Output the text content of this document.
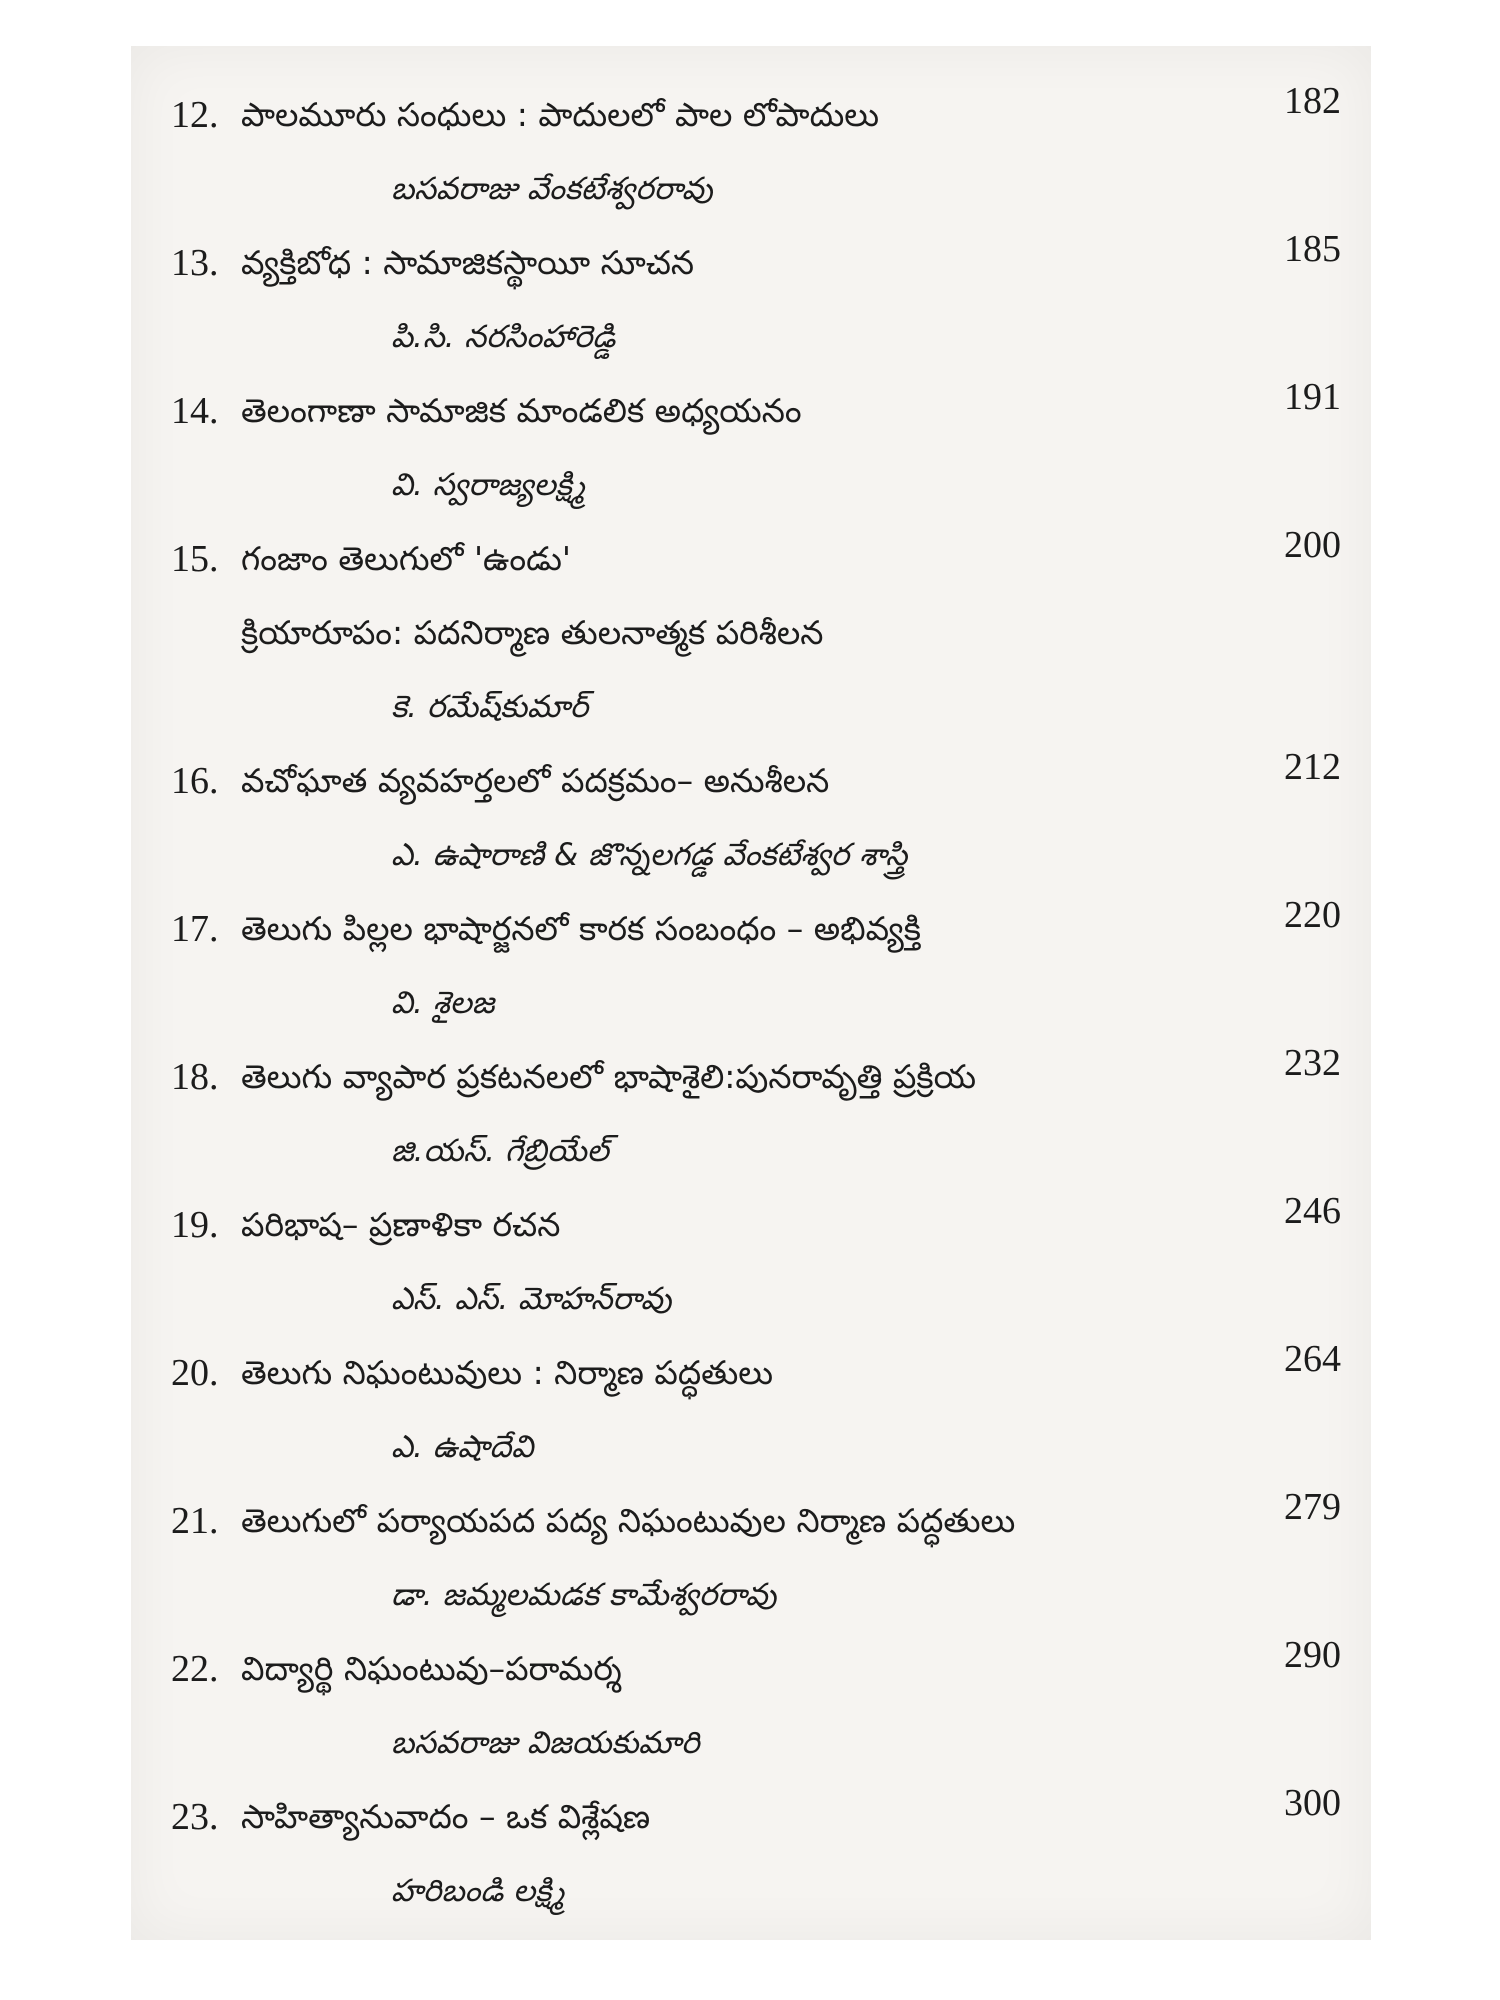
12. పాలమూరు సంధులు : పాదులలో పాల లోపాదులు	182
బసవరాజు వేంకటేశ్వరరావు
13. వ్యక్తిబోధ : సామాజికస్థాయీ సూచన	185
పి.సి. నరసింహారెడ్డి
14. తెలంగాణా సామాజిక మాండలిక అధ్యయనం	191
వి. స్వరాజ్యలక్ష్మి
15. గంజాం తెలుగులో 'ఉండు'	200
క్రియారూపం: పదనిర్మాణ తులనాత్మక పరిశీలన
కె. రమేష్‌కుమార్
16. వచోఘాత వ్యవహర్తలలో పదక్రమం– అనుశీలన	212
ఎ. ఉషారాణి & జొన్నలగడ్డ వేంకటేశ్వర శాస్త్రి
17. తెలుగు పిల్లల భాషార్జనలో కారక సంబంధం – అభివ్యక్తి	220
వి. శైలజ
18. తెలుగు వ్యాపార ప్రకటనలలో భాషాశైలి:పునరావృత్తి ప్రక్రియ	232
జి.యస్. గేబ్రియేల్
19. పరిభాష– ప్రణాళికా రచన	246
ఎస్. ఎస్. మోహన్‌రావు
20. తెలుగు నిఘంటువులు : నిర్మాణ పద్ధతులు	264
ఎ. ఉషాదేవి
21. తెలుగులో పర్యాయపద పద్య నిఘంటువుల నిర్మాణ పద్ధతులు	279
డా. జమ్మలమడక కామేశ్వరరావు
22. విద్యార్థి నిఘంటువు–పరామర్శ	290
బసవరాజు విజయకుమారి
23. సాహిత్యానువాదం – ఒక విశ్లేషణ	300
హరిబండి లక్ష్మి
